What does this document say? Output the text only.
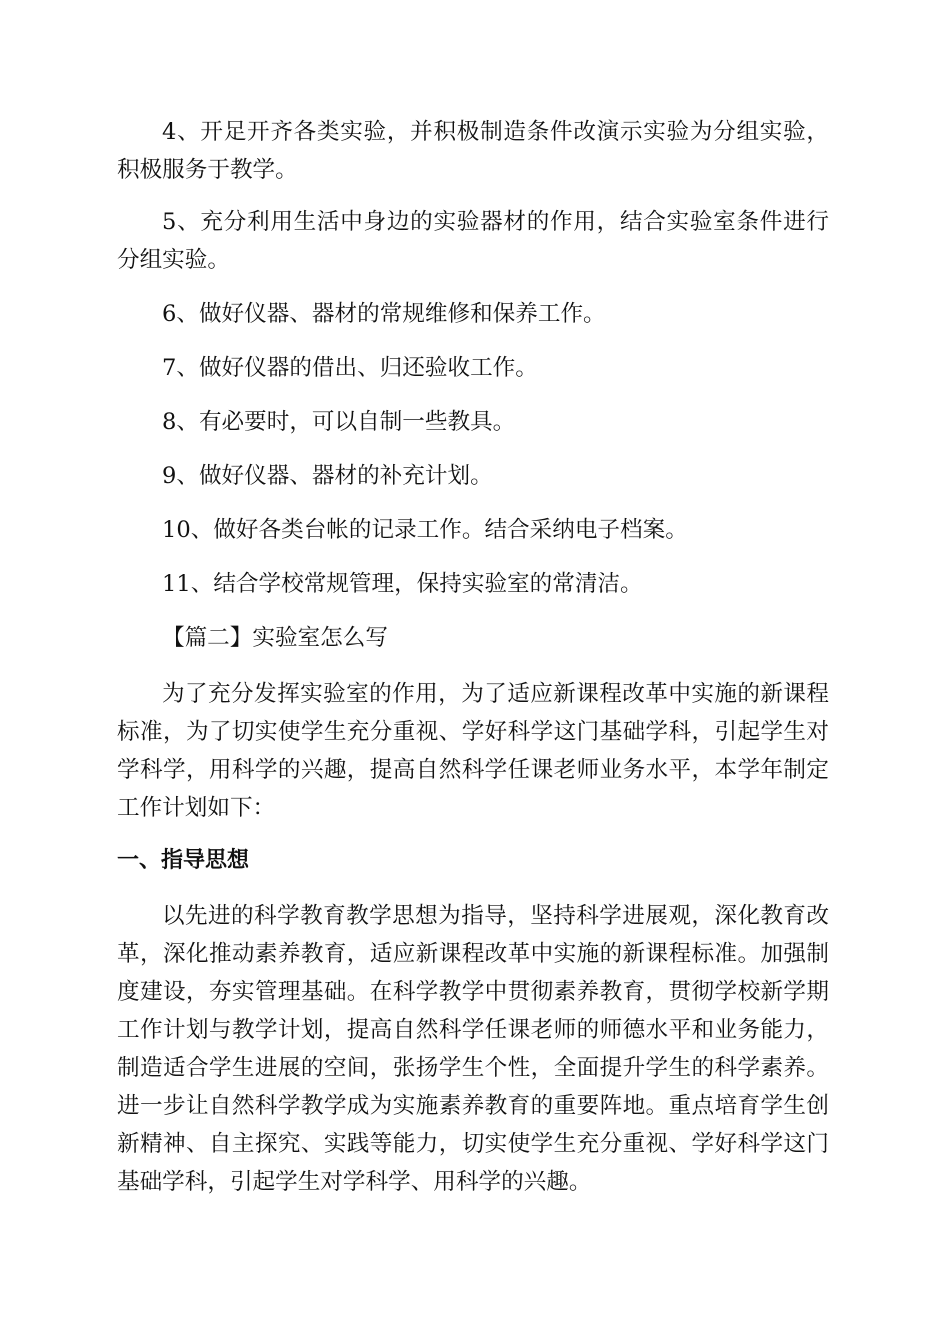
4、开足开齐各类实验，并积极制造条件改演示实验为分组实验，积极服务于教学。

5、充分利用生活中身边的实验器材的作用，结合实验室条件进行分组实验。

6、做好仪器、器材的常规维修和保养工作。

7、做好仪器的借出、归还验收工作。

8、有必要时，可以自制一些教具。

9、做好仪器、器材的补充计划。

10、做好各类台帐的记录工作。结合采纳电子档案。

11、结合学校常规管理，保持实验室的常清洁。

【篇二】实验室怎么写

为了充分发挥实验室的作用，为了适应新课程改革中实施的新课程标准，为了切实使学生充分重视、学好科学这门基础学科，引起学生对学科学，用科学的兴趣，提高自然科学任课老师业务水平，本学年制定工作计划如下：

一、指导思想

以先进的科学教育教学思想为指导，坚持科学进展观，深化教育改革，深化推动素养教育，适应新课程改革中实施的新课程标准。加强制度建设，夯实管理基础。在科学教学中贯彻素养教育，贯彻学校新学期工作计划与教学计划，提高自然科学任课老师的师德水平和业务能力，制造适合学生进展的空间，张扬学生个性，全面提升学生的科学素养。进一步让自然科学教学成为实施素养教育的重要阵地。重点培育学生创新精神、自主探究、实践等能力，切实使学生充分重视、学好科学这门基础学科，引起学生对学科学、用科学的兴趣。
